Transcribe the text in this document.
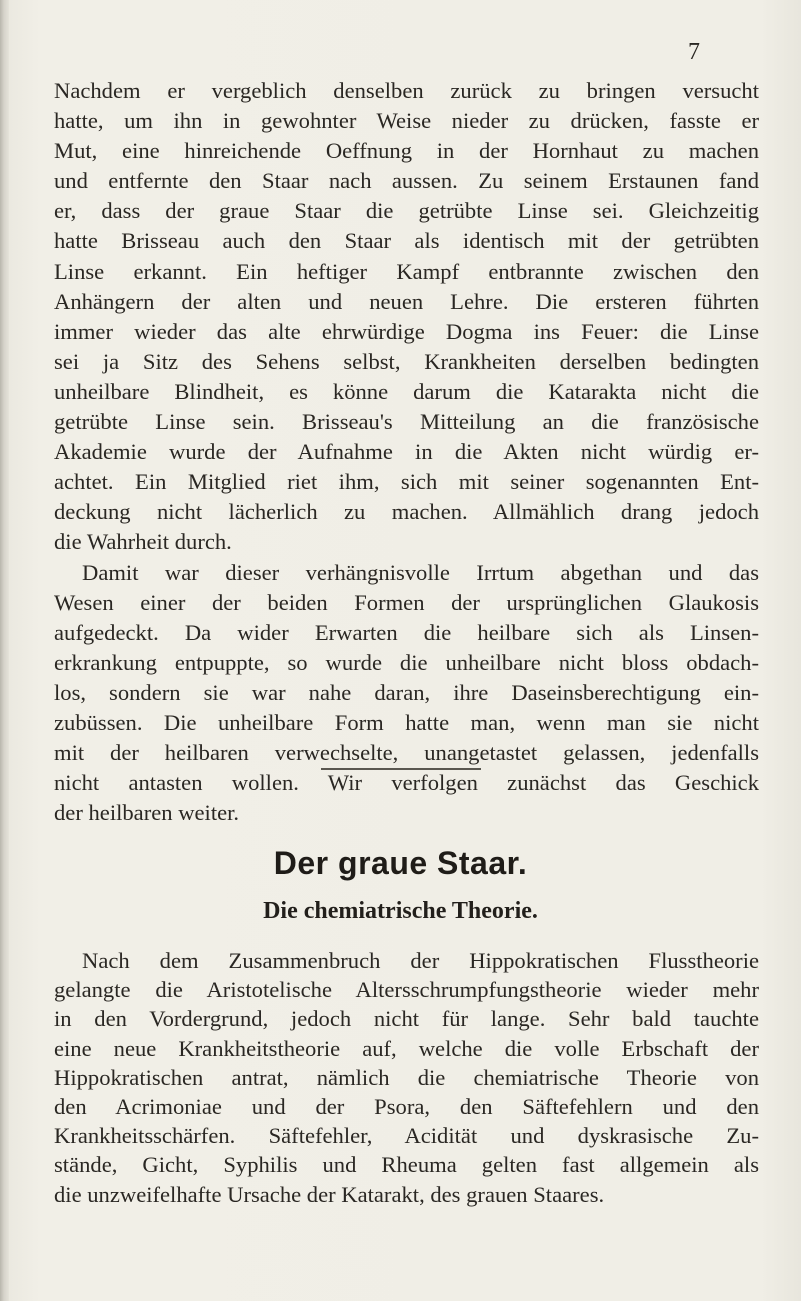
7
Nachdem er vergeblich denselben zurück zu bringen versucht
hatte, um ihn in gewohnter Weise nieder zu drücken, fasste er
Mut, eine hinreichende Oeffnung in der Hornhaut zu machen
und entfernte den Staar nach aussen. Zu seinem Erstaunen fand
er, dass der graue Staar die getrübte Linse sei. Gleichzeitig
hatte Brisseau auch den Staar als identisch mit der getrübten
Linse erkannt. Ein heftiger Kampf entbrannte zwischen den
Anhängern der alten und neuen Lehre. Die ersteren führten
immer wieder das alte ehrwürdige Dogma ins Feuer: die Linse
sei ja Sitz des Sehens selbst, Krankheiten derselben bedingten
unheilbare Blindheit, es könne darum die Katarakta nicht die
getrübte Linse sein. Brisseau's Mitteilung an die französische
Akademie wurde der Aufnahme in die Akten nicht würdig er-
achtet. Ein Mitglied riet ihm, sich mit seiner sogenannten Ent-
deckung nicht lächerlich zu machen. Allmählich drang jedoch
die Wahrheit durch.
Damit war dieser verhängnisvolle Irrtum abgethan und das
Wesen einer der beiden Formen der ursprünglichen Glaukosis
aufgedeckt. Da wider Erwarten die heilbare sich als Linsen-
erkrankung entpuppte, so wurde die unheilbare nicht bloss obdach-
los, sondern sie war nahe daran, ihre Daseinsberechtigung ein-
zubüssen. Die unheilbare Form hatte man, wenn man sie nicht
mit der heilbaren verwechselte, unangetastet gelassen, jedenfalls
nicht antasten wollen. Wir verfolgen zunächst das Geschick
der heilbaren weiter.
Der graue Staar.
Die chemiatrische Theorie.
Nach dem Zusammenbruch der Hippokratischen Flusstheorie
gelangte die Aristotelische Altersschrumpfungstheorie wieder mehr
in den Vordergrund, jedoch nicht für lange. Sehr bald tauchte
eine neue Krankheitstheorie auf, welche die volle Erbschaft der
Hippokratischen antrat, nämlich die chemiatrische Theorie von
den Acrimoniae und der Psora, den Säftefehlern und den
Krankheitsschärfen. Säftefehler, Acidität und dyskrasische Zu-
stände, Gicht, Syphilis und Rheuma gelten fast allgemein als
die unzweifelhafte Ursache der Katarakt, des grauen Staares.
